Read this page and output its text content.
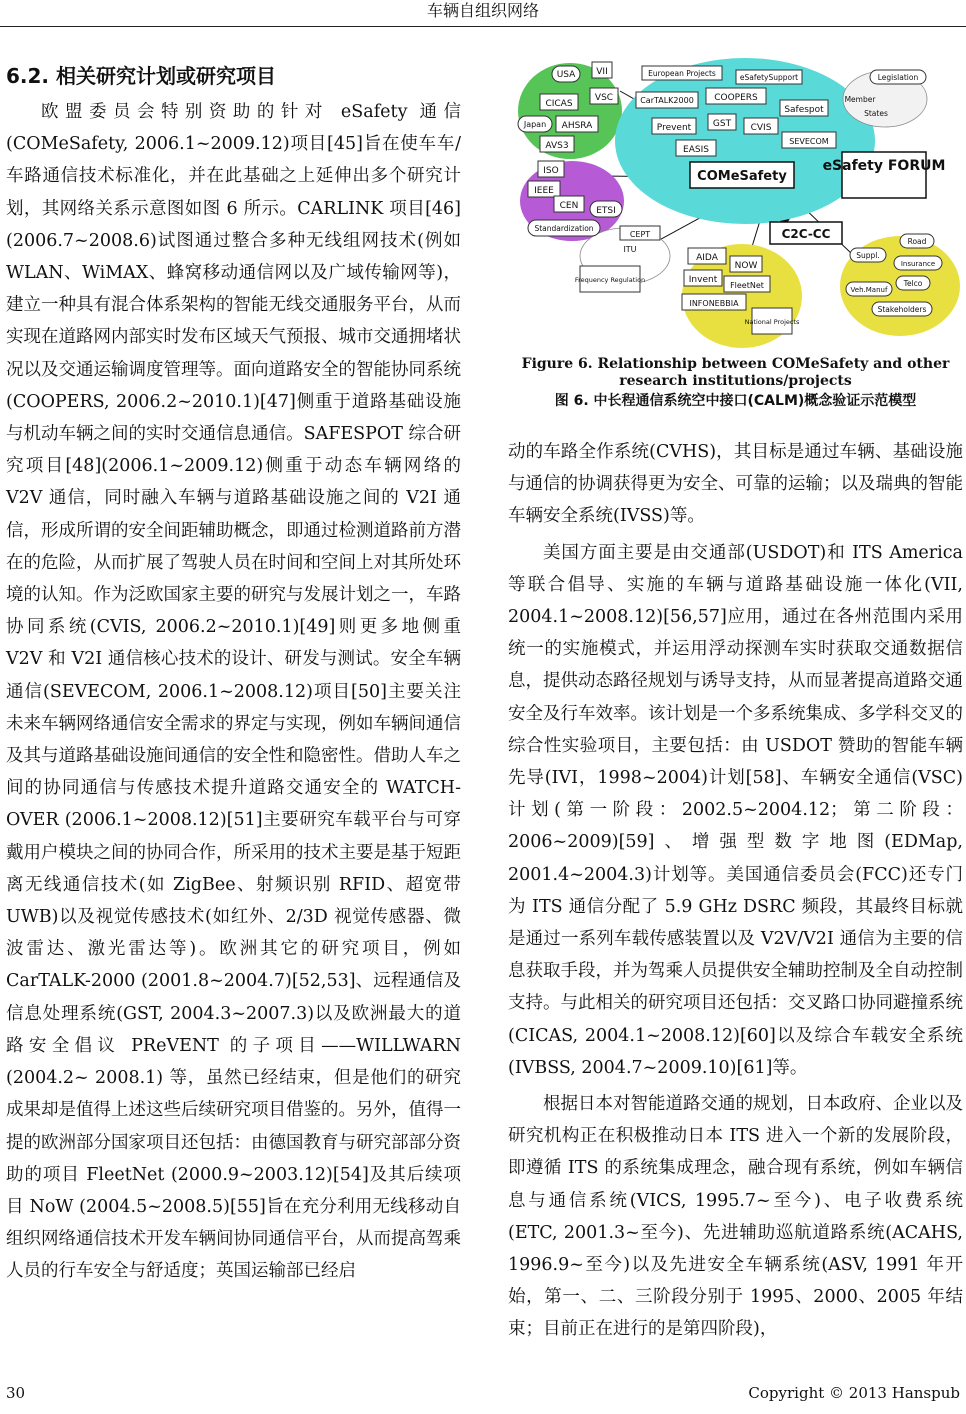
车辆自组织网络

6.2. 相关研究计划或研究项目

欧盟委员会特别资助的针对 eSafety 通信(COMeSafety, 2006.1~2009.12)项目[45]旨在使车车/车路通信技术标准化，并在此基础之上延伸出多个研究计划，其网络关系示意图如图 6 所示。CARLINK 项目[46](2006.7~2008.6)试图通过整合多种无线组网技术(例如 WLAN、WiMAX、蜂窝移动通信网以及广域传输网等)，建立一种具有混合体系架构的智能无线交通服务平台，从而实现在道路网内部实时发布区域天气预报、城市交通拥堵状况以及交通运输调度管理等。面向道路安全的智能协同系统(COOPERS, 2006.2~2010.1)[47]侧重于道路基础设施与机动车辆之间的实时交通信息通信。SAFESPOT 综合研究项目[48](2006.1~2009.12)侧重于动态车辆网络的 V2V 通信，同时融入车辆与道路基础设施之间的 V2I 通信，形成所谓的安全间距辅助概念，即通过检测道路前方潜在的危险，从而扩展了驾驶人员在时间和空间上对其所处环境的认知。作为泛欧国家主要的研究与发展计划之一，车路协同系统(CVIS, 2006.2~2010.1)[49]则更多地侧重 V2V 和 V2I 通信核心技术的设计、研发与测试。安全车辆通信(SEVECOM, 2006.1~2008.12)项目[50]主要关注未来车辆网络通信安全需求的界定与实现，例如车辆间通信及其与道路基础设施间通信的安全性和隐密性。借助人车之间的协同通信与传感技术提升道路交通安全的 WATCH-OVER (2006.1~2008.12)[51]主要研究车载平台与可穿戴用户模块之间的协同合作，所采用的技术主要是基于短距离无线通信技术(如 ZigBee、射频识别 RFID、超宽带 UWB)以及视觉传感技术(如红外、2/3D 视觉传感器、微波雷达、激光雷达等)。欧洲其它的研究项目，例如 CarTALK-2000 (2001.8~2004.7)[52,53]、远程通信及信息处理系统(GST, 2004.3~2007.3)以及欧洲最大的道路安全倡议 PReVENT 的子项目——WILLWARN (2004.2~ 2008.1) 等，虽然已经结束，但是他们的研究成果却是值得上述这些后续研究项目借鉴的。另外，值得一提的欧洲部分国家项目还包括：由德国教育与研究部部分资助的项目 FleetNet (2000.9~2003.12)[54]及其后续项目 NoW (2004.5~2008.5)[55]旨在充分利用无线移动自组织网络通信技术开发车辆间协同通信平台，从而提高驾乘人员的行车安全与舒适度；英国运输部已经启

USA VII
VSC
CICAS
Japan AHSRA
AVS3
ISO
IEEE
CEN ETSI
Standardization
European Projects	eSafetySupport
CarTALK2000 COOPERS
Safespot
Prevent GST CVIS
SEVECOM
EASIS
COMeSafety
Legislation
Member
States
eSafety FORUM
C2C-CC
CEPT
ITU
Frequency Regulation
AIDA
NOW
Invent
FleetNet
INFONEBBIA
National Projects
Road
Suppl.
Insurance
Telco
Veh.Manuf
Stakeholders
Figure 6. Relationship between COMeSafety and other research institutions/projects
图 6. 中长程通信系统空中接口(CALM)概念验证示范模型

动的车路全作系统(CVHS)，其目标是通过车辆、基础设施与通信的协调获得更为安全、可靠的运输；以及瑞典的智能车辆安全系统(IVSS)等。

美国方面主要是由交通部(USDOT)和 ITS America 等联合倡导、实施的车辆与道路基础设施一体化(VII, 2004.1~2008.12)[56,57]应用，通过在各州范围内采用统一的实施模式，并运用浮动探测车实时获取交通数据信息，提供动态路径规划与诱导支持，从而显著提高道路交通安全及行车效率。该计划是一个多系统集成、多学科交叉的综合性实验项目，主要包括：由 USDOT 赞助的智能车辆先导(IVI，1998~2004)计划[58]、车辆安全通信(VSC)计划(第一阶段：2002.5~2004.12；第二阶段：2006~2009)[59]、增强型数字地图(EDMap, 2001.4~2004.3)计划等。美国通信委员会(FCC)还专门为 ITS 通信分配了 5.9 GHz DSRC 频段，其最终目标就是通过一系列车载传感装置以及 V2V/V2I 通信为主要的信息获取手段，并为驾乘人员提供安全辅助控制及全自动控制支持。与此相关的研究项目还包括：交叉路口协同避撞系统(CICAS, 2004.1~2008.12)[60]以及综合车载安全系统(IVBSS, 2004.7~2009.10)[61]等。

根据日本对智能道路交通的规划，日本政府、企业以及研究机构正在积极推动日本 ITS 进入一个新的发展阶段，即遵循 ITS 的系统集成理念，融合现有系统，例如车辆信息与通信系统(VICS, 1995.7~至今)、电子收费系统(ETC, 2001.3~至今)、先进辅助巡航道路系统(ACAHS, 1996.9~至今)以及先进安全车辆系统(ASV, 1991 年开始，第一、二、三阶段分别于 1995、2000、2005 年结束；目前正在进行的是第四阶段)，

30	Copyright © 2013 Hanspub
